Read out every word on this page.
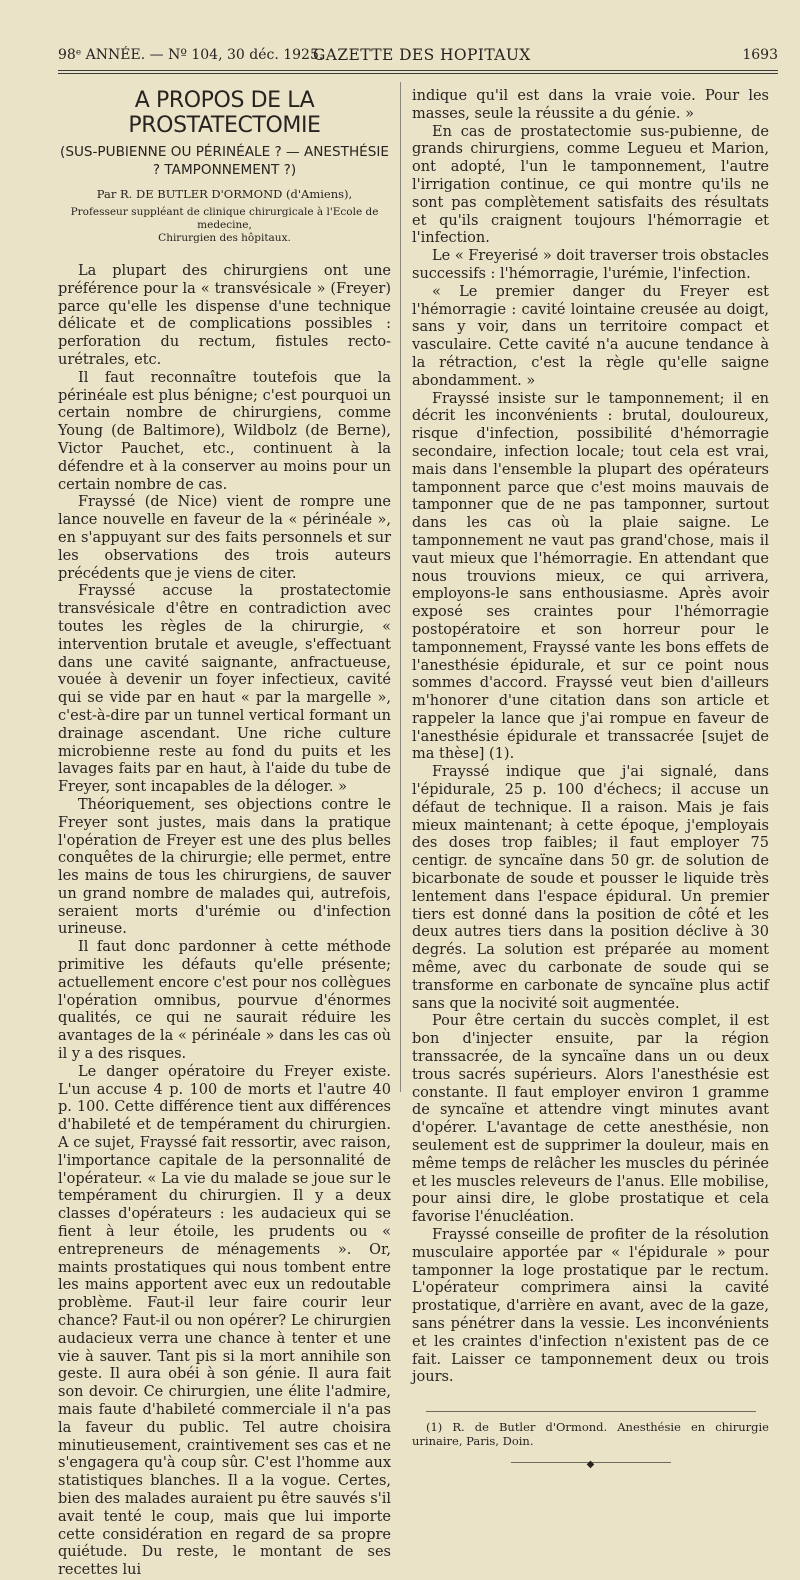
98ᵉ ANNÉE. — Nº 104, 30 déc. 1925.
GAZETTE DES HOPITAUX	1693
A PROPOS DE LA PROSTATECTOMIE
(SUS-PUBIENNE OU PÉRINÉALE ? — ANESTHÉSIE ? TAMPONNEMENT ?)
Par R. DE BUTLER D'ORMOND (d'Amiens),
Professeur suppléant de clinique chirurgicale à l'Ecole de medecine,
Chirurgien des hôpitaux.

La plupart des chirurgiens ont une préférence pour la « transvésicale » (Freyer) parce qu'elle les dispense d'une technique délicate et de complications possibles : perforation du rectum, fistules recto-urétrales, etc.

Il faut reconnaître toutefois que la périnéale est plus bénigne; c'est pourquoi un certain nombre de chirurgiens, comme Young (de Baltimore), Wildbolz (de Berne), Victor Pauchet, etc., continuent à la défendre et à la conserver au moins pour un certain nombre de cas.

Frayssé (de Nice) vient de rompre une lance nouvelle en faveur de la « périnéale », en s'appuyant sur des faits personnels et sur les observations des trois auteurs précédents que je viens de citer.

Frayssé accuse la prostatectomie transvésicale d'être en contradiction avec toutes les règles de la chirurgie, « intervention brutale et aveugle, s'effectuant dans une cavité saignante, anfractueuse, vouée à devenir un foyer infectieux, cavité qui se vide par en haut « par la margelle », c'est-à-dire par un tunnel vertical formant un drainage ascendant. Une riche culture microbienne reste au fond du puits et les lavages faits par en haut, à l'aide du tube de Freyer, sont incapables de la déloger. »

Théoriquement, ses objections contre le Freyer sont justes, mais dans la pratique l'opération de Freyer est une des plus belles conquêtes de la chirurgie; elle permet, entre les mains de tous les chirurgiens, de sauver un grand nombre de malades qui, autrefois, seraient morts d'urémie ou d'infection urineuse.

Il faut donc pardonner à cette méthode primitive les défauts qu'elle présente; actuellement encore c'est pour nos collègues l'opération omnibus, pourvue d'énormes qualités, ce qui ne saurait réduire les avantages de la « périnéale » dans les cas où il y a des risques.

Le danger opératoire du Freyer existe. L'un accuse 4 p. 100 de morts et l'autre 40 p. 100. Cette différence tient aux différences d'habileté et de tempérament du chirurgien. A ce sujet, Frayssé fait ressortir, avec raison, l'importance capitale de la personnalité de l'opérateur. « La vie du malade se joue sur le tempérament du chirurgien. Il y a deux classes d'opérateurs : les audacieux qui se fient à leur étoile, les prudents ou « entrepreneurs de ménagements ». Or, maints prostatiques qui nous tombent entre les mains apportent avec eux un redoutable problème. Faut-il leur faire courir leur chance? Faut-il ou non opérer? Le chirurgien audacieux verra une chance à tenter et une vie à sauver. Tant pis si la mort annihile son geste. Il aura obéi à son génie. Il aura fait son devoir. Ce chirurgien, une élite l'admire, mais faute d'habileté commerciale il n'a pas la faveur du public. Tel autre choisira minutieusement, craintivement ses cas et ne s'engagera qu'à coup sûr. C'est l'homme aux statistiques blanches. Il a la vogue. Certes, bien des malades auraient pu être sauvés s'il avait tenté le coup, mais que lui importe cette considération en regard de sa propre quiétude. Du reste, le montant de ses recettes lui

indique qu'il est dans la vraie voie. Pour les masses, seule la réussite a du génie. »

En cas de prostatectomie sus-pubienne, de grands chirurgiens, comme Legueu et Marion, ont adopté, l'un le tamponnement, l'autre l'irrigation continue, ce qui montre qu'ils ne sont pas complètement satisfaits des résultats et qu'ils craignent toujours l'hémorragie et l'infection.

Le « Freyerisé » doit traverser trois obstacles successifs : l'hémorragie, l'urémie, l'infection.

« Le premier danger du Freyer est l'hémorragie : cavité lointaine creusée au doigt, sans y voir, dans un territoire compact et vasculaire. Cette cavité n'a aucune tendance à la rétraction, c'est la règle qu'elle saigne abondamment. »

Frayssé insiste sur le tamponnement; il en décrit les inconvénients : brutal, douloureux, risque d'infection, possibilité d'hémorragie secondaire, infection locale; tout cela est vrai, mais dans l'ensemble la plupart des opérateurs tamponnent parce que c'est moins mauvais de tamponner que de ne pas tamponner, surtout dans les cas où la plaie saigne. Le tamponnement ne vaut pas grand'chose, mais il vaut mieux que l'hémorragie. En attendant que nous trouvions mieux, ce qui arrivera, employons-le sans enthousiasme. Après avoir exposé ses craintes pour l'hémorragie postopératoire et son horreur pour le tamponnement, Frayssé vante les bons effets de l'anesthésie épidurale, et sur ce point nous sommes d'accord. Frayssé veut bien d'ailleurs m'honorer d'une citation dans son article et rappeler la lance que j'ai rompue en faveur de l'anesthésie épidurale et transsacrée [sujet de ma thèse] (1).

Frayssé indique que j'ai signalé, dans l'épidurale, 25 p. 100 d'échecs; il accuse un défaut de technique. Il a raison. Mais je fais mieux maintenant; à cette époque, j'employais des doses trop faibles; il faut employer 75 centigr. de syncaïne dans 50 gr. de solution de bicarbonate de soude et pousser le liquide très lentement dans l'espace épidural. Un premier tiers est donné dans la position de côté et les deux autres tiers dans la position déclive à 30 degrés. La solution est préparée au moment même, avec du carbonate de soude qui se transforme en carbonate de syncaïne plus actif sans que la nocivité soit augmentée.

Pour être certain du succès complet, il est bon d'injecter ensuite, par la région transsacrée, de la syncaïne dans un ou deux trous sacrés supérieurs. Alors l'anesthésie est constante. Il faut employer environ 1 gramme de syncaïne et attendre vingt minutes avant d'opérer. L'avantage de cette anesthésie, non seulement est de supprimer la douleur, mais en même temps de relâcher les muscles du périnée et les muscles releveurs de l'anus. Elle mobilise, pour ainsi dire, le globe prostatique et cela favorise l'énucléation.

Frayssé conseille de profiter de la résolution musculaire apportée par « l'épidurale » pour tamponner la loge prostatique par le rectum. L'opérateur comprimera ainsi la cavité prostatique, d'arrière en avant, avec de la gaze, sans pénétrer dans la vessie. Les inconvénients et les craintes d'infection n'existent pas de ce fait. Laisser ce tamponnement deux ou trois jours.

(1) R. de Butler d'Ormond. Anesthésie en chirurgie urinaire, Paris, Doin.

◆
